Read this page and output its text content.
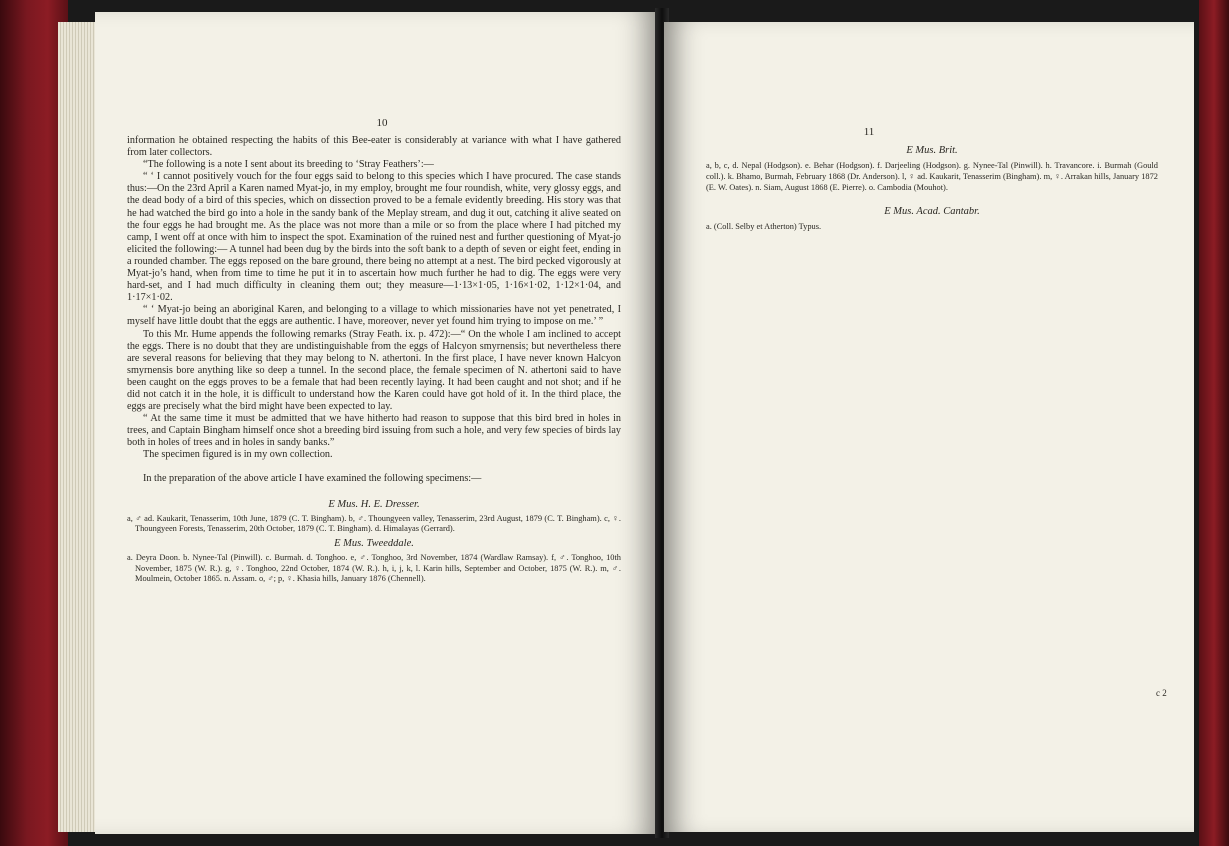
10

information he obtained respecting the habits of this Bee-eater is considerably at variance with what I have gathered from later collectors.

“The following is a note I sent about its breeding to ‘Stray Feathers’:—

“ ‘ I cannot positively vouch for the four eggs said to belong to this species which I have procured. The case stands thus:—On the 23rd April a Karen named Myat-jo, in my employ, brought me four roundish, white, very glossy eggs, and the dead body of a bird of this species, which on dissection proved to be a female evidently breeding. His story was that he had watched the bird go into a hole in the sandy bank of the Meplay stream, and dug it out, catching it alive seated on the four eggs he had brought me. As the place was not more than a mile or so from the place where I had pitched my camp, I went off at once with him to inspect the spot. Examination of the ruined nest and further questioning of Myat-jo elicited the following:— A tunnel had been dug by the birds into the soft bank to a depth of seven or eight feet, ending in a rounded chamber. The eggs reposed on the bare ground, there being no attempt at a nest. The bird pecked vigorously at Myat-jo’s hand, when from time to time he put it in to ascertain how much further he had to dig. The eggs were very hard-set, and I had much difficulty in cleaning them out; they measure—1·13×1·05, 1·16×1·02, 1·12×1·04, and 1·17×1·02.

“ ‘ Myat-jo being an aboriginal Karen, and belonging to a village to which missionaries have not yet penetrated, I myself have little doubt that the eggs are authentic. I have, moreover, never yet found him trying to impose on me.’ ”

To this Mr. Hume appends the following remarks (Stray Feath. ix. p. 472):—“ On the whole I am inclined to accept the eggs. There is no doubt that they are undistinguishable from the eggs of Halcyon smyrnensis; but nevertheless there are several reasons for believing that they may belong to N. athertoni. In the first place, I have never known Halcyon smyrnensis bore anything like so deep a tunnel. In the second place, the female specimen of N. athertoni said to have been caught on the eggs proves to be a female that had been recently laying. It had been caught and not shot; and if he did not catch it in the hole, it is difficult to understand how the Karen could have got hold of it. In the third place, the eggs are precisely what the bird might have been expected to lay.

“ At the same time it must be admitted that we have hitherto had reason to suppose that this bird bred in holes in trees, and Captain Bingham himself once shot a breeding bird issuing from such a hole, and very few species of birds lay both in holes of trees and in holes in sandy banks.”

The specimen figured is in my own collection.

In the preparation of the above article I have examined the following specimens:—

E Mus. H. E. Dresser.

a, ♂ ad. Kaukarit, Tenasserim, 10th June, 1879 (C. T. Bingham). b, ♂. Thoungyeen valley, Tenasserim, 23rd August, 1879 (C. T. Bingham). c, ♀. Thoungyeen Forests, Tenasserim, 20th October, 1879 (C. T. Bingham). d. Himalayas (Gerrard).

E Mus. Tweeddale.

a. Deyra Doon. b. Nynee-Tal (Pinwill). c. Burmah. d. Tonghoo. e, ♂. Tonghoo, 3rd November, 1874 (Wardlaw Ramsay). f, ♂. Tonghoo, 10th November, 1875 (W. R.). g, ♀. Tonghoo, 22nd October, 1874 (W. R.). h, i, j, k, l. Karin hills, September and October, 1875 (W. R.). m, ♂. Moulmein, October 1865. n. Assam. o, ♂; p, ♀. Khasia hills, January 1876 (Chennell).

11
E Mus. Brit.

a, b, c, d. Nepal (Hodgson). e. Behar (Hodgson). f. Darjeeling (Hodgson). g. Nynee-Tal (Pinwill). h. Travancore. i. Burmah (Gould coll.). k. Bhamo, Burmah, February 1868 (Dr. Anderson). l, ♀ ad. Kaukarit, Tenasserim (Bingham). m, ♀. Arrakan hills, January 1872 (E. W. Oates). n. Siam, August 1868 (E. Pierre). o. Cambodia (Mouhot).

E Mus. Acad. Cantabr.

a. (Coll. Selby et Atherton) Typus.

c 2
